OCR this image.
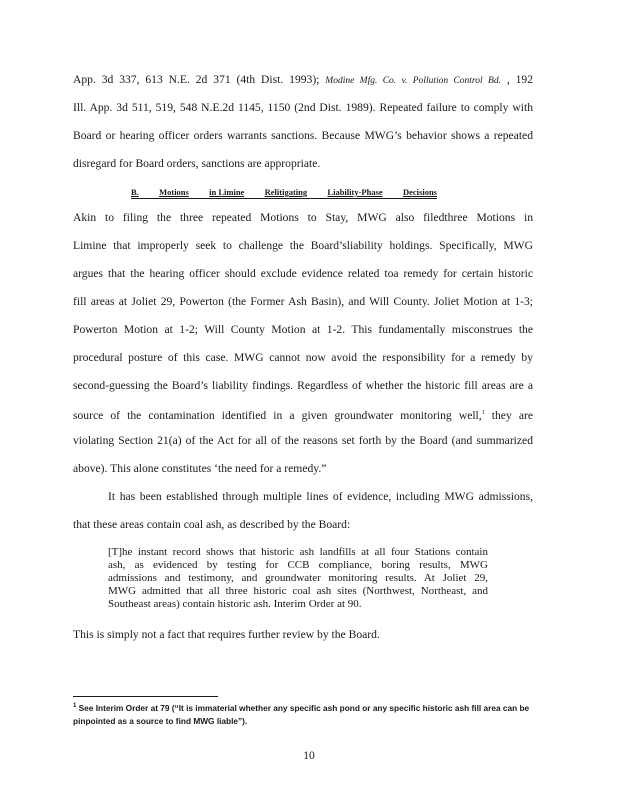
App. 3d 337, 613 N.E. 2d 371 (4th Dist. 1993); Modine Mfg. Co. v. Pollution Control Bd. , 192
Ill. App. 3d 511, 519, 548 N.E.2d 1145, 1150 (2nd Dist. 1989). Repeated failure to comply with
Board or hearing officer orders warrants sanctions. Because MWG’s behavior shows a repeated
disregard for Board orders, sanctions are appropriate.
B. Motions in Limine Relitigating Liability-Phase Decisions
Akin to filing the three repeated Motions to Stay, MWG also filedthree Motions in
Limine that improperly seek to challenge the Board’sliability holdings. Specifically, MWG
argues that the hearing officer should exclude evidence related toa remedy for certain historic
fill areas at Joliet 29, Powerton (the Former Ash Basin), and Will County. Joliet Motion at 1-3;
Powerton Motion at 1-2; Will County Motion at 1-2. This fundamentally misconstrues the
procedural posture of this case. MWG cannot now avoid the responsibility for a remedy by
second-guessing the Board’s liability findings. Regardless of whether the historic fill areas are a
source of the contamination identified in a given groundwater monitoring well,$^1$ they are
violating Section 21(a) of the Act for all of the reasons set forth by the Board (and summarized
above). This alone constitutes ‘the need for a remedy.”
It has been established through multiple lines of evidence, including MWG admissions,
that these areas contain coal ash, as described by the Board:
[T]he instant record shows that historic ash landfills at all four Stations contain
ash, as evidenced by testing for CCB compliance, boring results, MWG
admissions and testimony, and groundwater monitoring results. At Joliet 29,
MWG admitted that all three historic coal ash sites (Northwest, Northeast, and
Southeast areas) contain historic ash. Interim Order at 90.
This is simply not a fact that requires further review by the Board.
$^1$ See Interim Order at 79 (“It is immaterial whether any specific ash pond or any specific historic ash fill area can be pinpointed as a source to find MWG liable”).
10
